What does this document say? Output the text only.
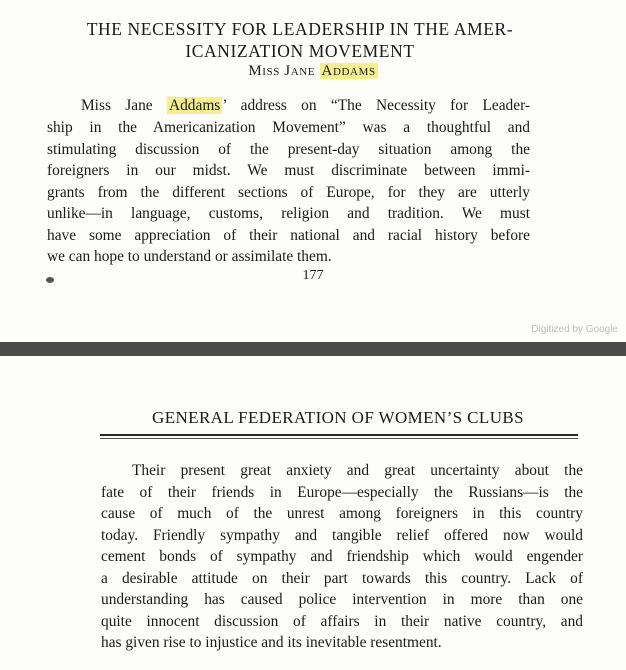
THE NECESSITY FOR LEADERSHIP IN THE AMER-
ICANIZATION MOVEMENT
Miss Jane Addams
Miss Jane Addams ’ address on “The Necessity for Leader-
ship in the Americanization Movement” was a thoughtful and
stimulating discussion of the present-day situation among the
foreigners in our midst. We must discriminate between immi-
grants from the different sections of Europe, for they are utterly
unlike—in language, customs, religion and tradition. We must
have some appreciation of their national and racial history before
we can hope to understand or assimilate them.
177
Digitized by Google
GENERAL FEDERATION OF WOMEN’S CLUBS
Their present great anxiety and great uncertainty about the
fate of their friends in Europe—especially the Russians—is the
cause of much of the unrest among foreigners in this country
today. Friendly sympathy and tangible relief offered now would
cement bonds of sympathy and friendship which would engender
a desirable attitude on their part towards this country. Lack of
understanding has caused police intervention in more than one
quite innocent discussion of affairs in their native country, and
has given rise to injustice and its inevitable resentment.
